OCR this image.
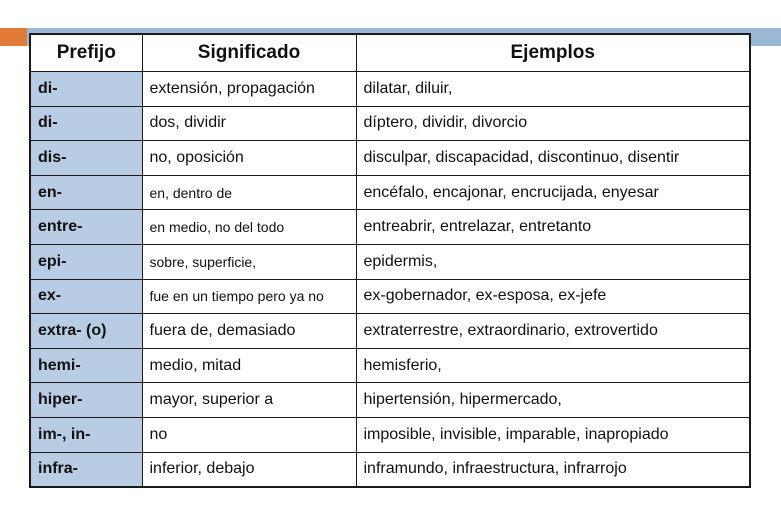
Prefijo	Significado	Ejemplos
di-	extensión, propagación	dilatar, diluir,
di-	dos, dividir	díptero, dividir, divorcio
dis-	no, oposición	disculpar, discapacidad, discontinuo, disentir
en-	en, dentro de	encéfalo, encajonar, encrucijada, enyesar
entre-	en medio, no del todo	entreabrir, entrelazar, entretanto
epi-	sobre, superficie,	epidermis,
ex-	fue en un tiempo pero ya no	ex-gobernador, ex-esposa, ex-jefe
extra- (o)	fuera de, demasiado	extraterrestre, extraordinario, extrovertido
hemi-	medio, mitad	hemisferio,
hiper-	mayor, superior a	hipertensión, hipermercado,
im-, in-	no	imposible, invisible, imparable, inapropiado
infra-	inferior, debajo	inframundo, infraestructura, infrarrojo
